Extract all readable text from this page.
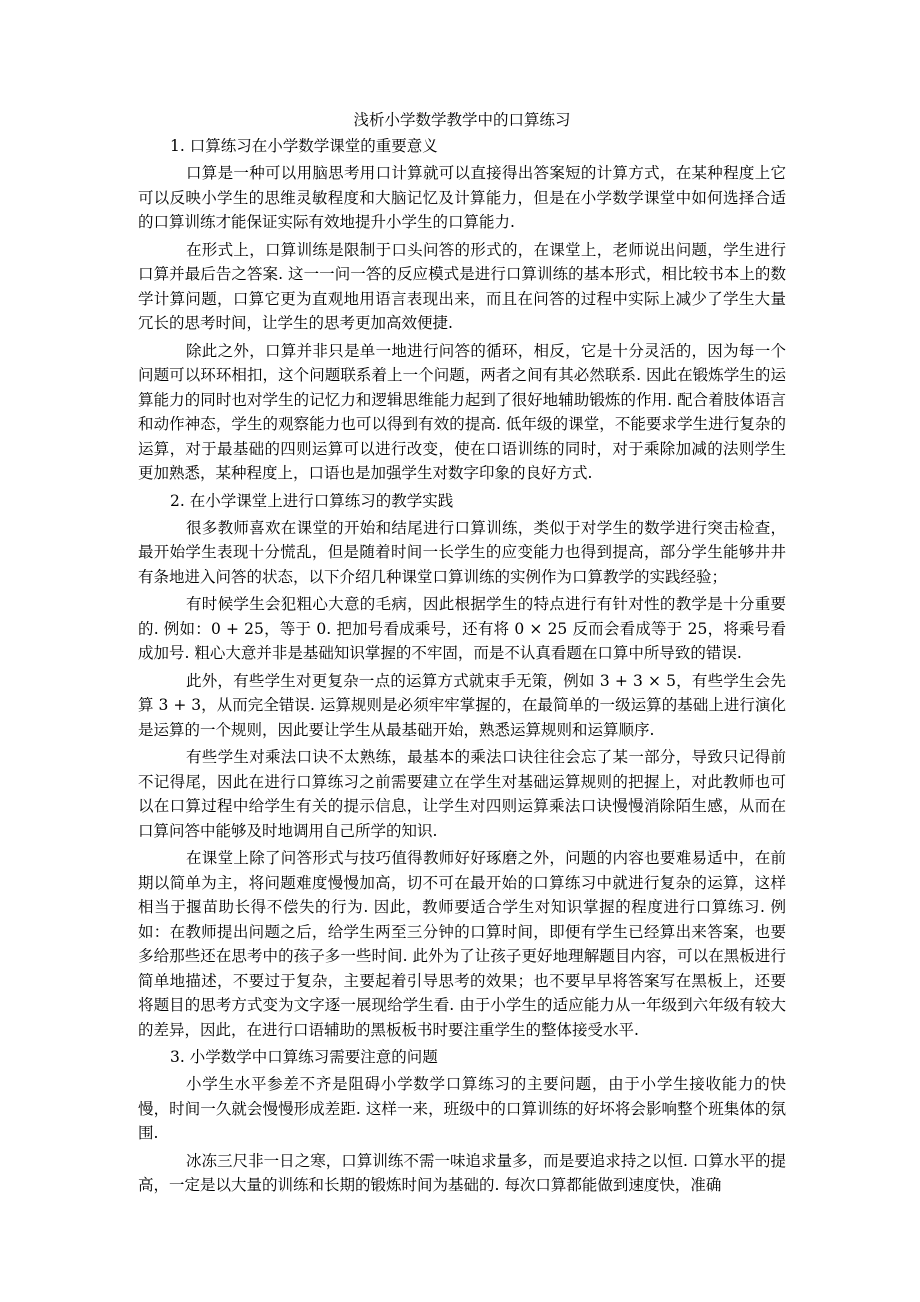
浅析小学数学教学中的口算练习

1. 口算练习在小学数学课堂的重要意义

口算是一种可以用脑思考用口计算就可以直接得出答案短的计算方式，在某种程度上它可以反映小学生的思维灵敏程度和大脑记忆及计算能力，但是在小学数学课堂中如何选择合适的口算训练才能保证实际有效地提升小学生的口算能力.

在形式上，口算训练是限制于口头问答的形式的，在课堂上，老师说出问题，学生进行口算并最后告之答案. 这一一问一答的反应模式是进行口算训练的基本形式，相比较书本上的数学计算问题，口算它更为直观地用语言表现出来，而且在问答的过程中实际上减少了学生大量冗长的思考时间，让学生的思考更加高效便捷.

除此之外，口算并非只是单一地进行问答的循环，相反，它是十分灵活的，因为每一个问题可以环环相扣，这个问题联系着上一个问题，两者之间有其必然联系. 因此在锻炼学生的运算能力的同时也对学生的记忆力和逻辑思维能力起到了很好地辅助锻炼的作用. 配合着肢体语言和动作神态，学生的观察能力也可以得到有效的提高. 低年级的课堂，不能要求学生进行复杂的运算，对于最基础的四则运算可以进行改变，使在口语训练的同时，对于乘除加减的法则学生更加熟悉，某种程度上，口语也是加强学生对数字印象的良好方式.

2. 在小学课堂上进行口算练习的教学实践

很多教师喜欢在课堂的开始和结尾进行口算训练，类似于对学生的数学进行突击检查，最开始学生表现十分慌乱，但是随着时间一长学生的应变能力也得到提高，部分学生能够井井有条地进入问答的状态，以下介绍几种课堂口算训练的实例作为口算教学的实践经验；

有时候学生会犯粗心大意的毛病，因此根据学生的特点进行有针对性的教学是十分重要的. 例如：0 + 25，等于 0. 把加号看成乘号，还有将 0 × 25 反而会看成等于 25，将乘号看成加号. 粗心大意并非是基础知识掌握的不牢固，而是不认真看题在口算中所导致的错误.

此外，有些学生对更复杂一点的运算方式就束手无策，例如 3 + 3 × 5，有些学生会先算 3 + 3，从而完全错误. 运算规则是必须牢牢掌握的，在最简单的一级运算的基础上进行演化是运算的一个规则，因此要让学生从最基础开始，熟悉运算规则和运算顺序.

有些学生对乘法口诀不太熟练，最基本的乘法口诀往往会忘了某一部分，导致只记得前不记得尾，因此在进行口算练习之前需要建立在学生对基础运算规则的把握上，对此教师也可以在口算过程中给学生有关的提示信息，让学生对四则运算乘法口诀慢慢消除陌生感，从而在口算问答中能够及时地调用自己所学的知识.

在课堂上除了问答形式与技巧值得教师好好琢磨之外，问题的内容也要难易适中，在前期以简单为主，将问题难度慢慢加高，切不可在最开始的口算练习中就进行复杂的运算，这样相当于揠苗助长得不偿失的行为. 因此，教师要适合学生对知识掌握的程度进行口算练习. 例如：在教师提出问题之后，给学生两至三分钟的口算时间，即便有学生已经算出来答案，也要多给那些还在思考中的孩子多一些时间. 此外为了让孩子更好地理解题目内容，可以在黑板进行简单地描述，不要过于复杂，主要起着引导思考的效果；也不要早早将答案写在黑板上，还要将题目的思考方式变为文字逐一展现给学生看. 由于小学生的适应能力从一年级到六年级有较大的差异，因此，在进行口语辅助的黑板板书时要注重学生的整体接受水平.

3. 小学数学中口算练习需要注意的问题

小学生水平参差不齐是阻碍小学数学口算练习的主要问题，由于小学生接收能力的快慢，时间一久就会慢慢形成差距. 这样一来，班级中的口算训练的好坏将会影响整个班集体的氛围.

冰冻三尺非一日之寒，口算训练不需一味追求量多，而是要追求持之以恒. 口算水平的提高，一定是以大量的训练和长期的锻炼时间为基础的. 每次口算都能做到速度快，准确
